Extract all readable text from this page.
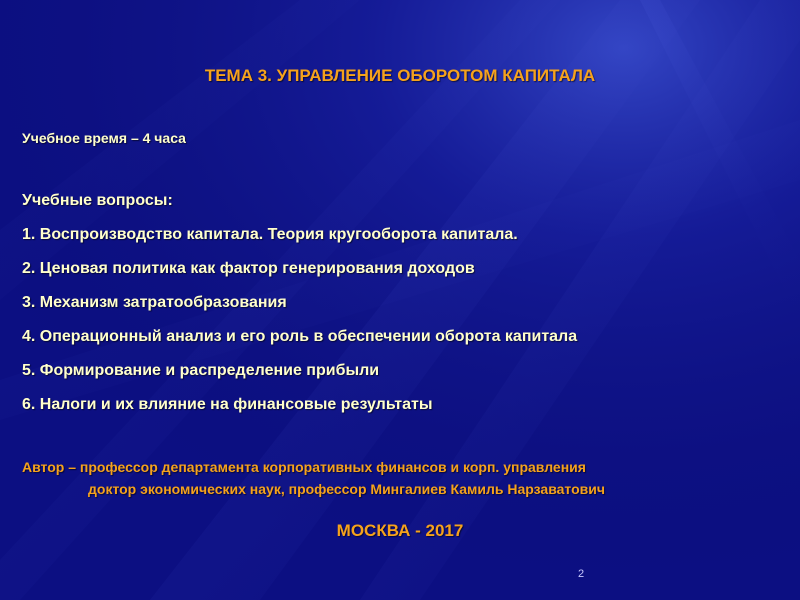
ТЕМА 3. УПРАВЛЕНИЕ ОБОРОТОМ КАПИТАЛА
Учебное время – 4 часа
Учебные вопросы:
1. Воспроизводство капитала. Теория кругооборота капитала.
2. Ценовая политика как фактор генерирования доходов
3. Механизм затратообразования
4. Операционный анализ и его роль в обеспечении оборота капитала
5. Формирование и распределение прибыли
6. Налоги и их влияние на финансовые результаты
Автор – профессор департамента корпоративных финансов и корп. управления
доктор экономических наук, профессор Мингалиев Камиль Нарзаватович
МОСКВА - 2017
2
